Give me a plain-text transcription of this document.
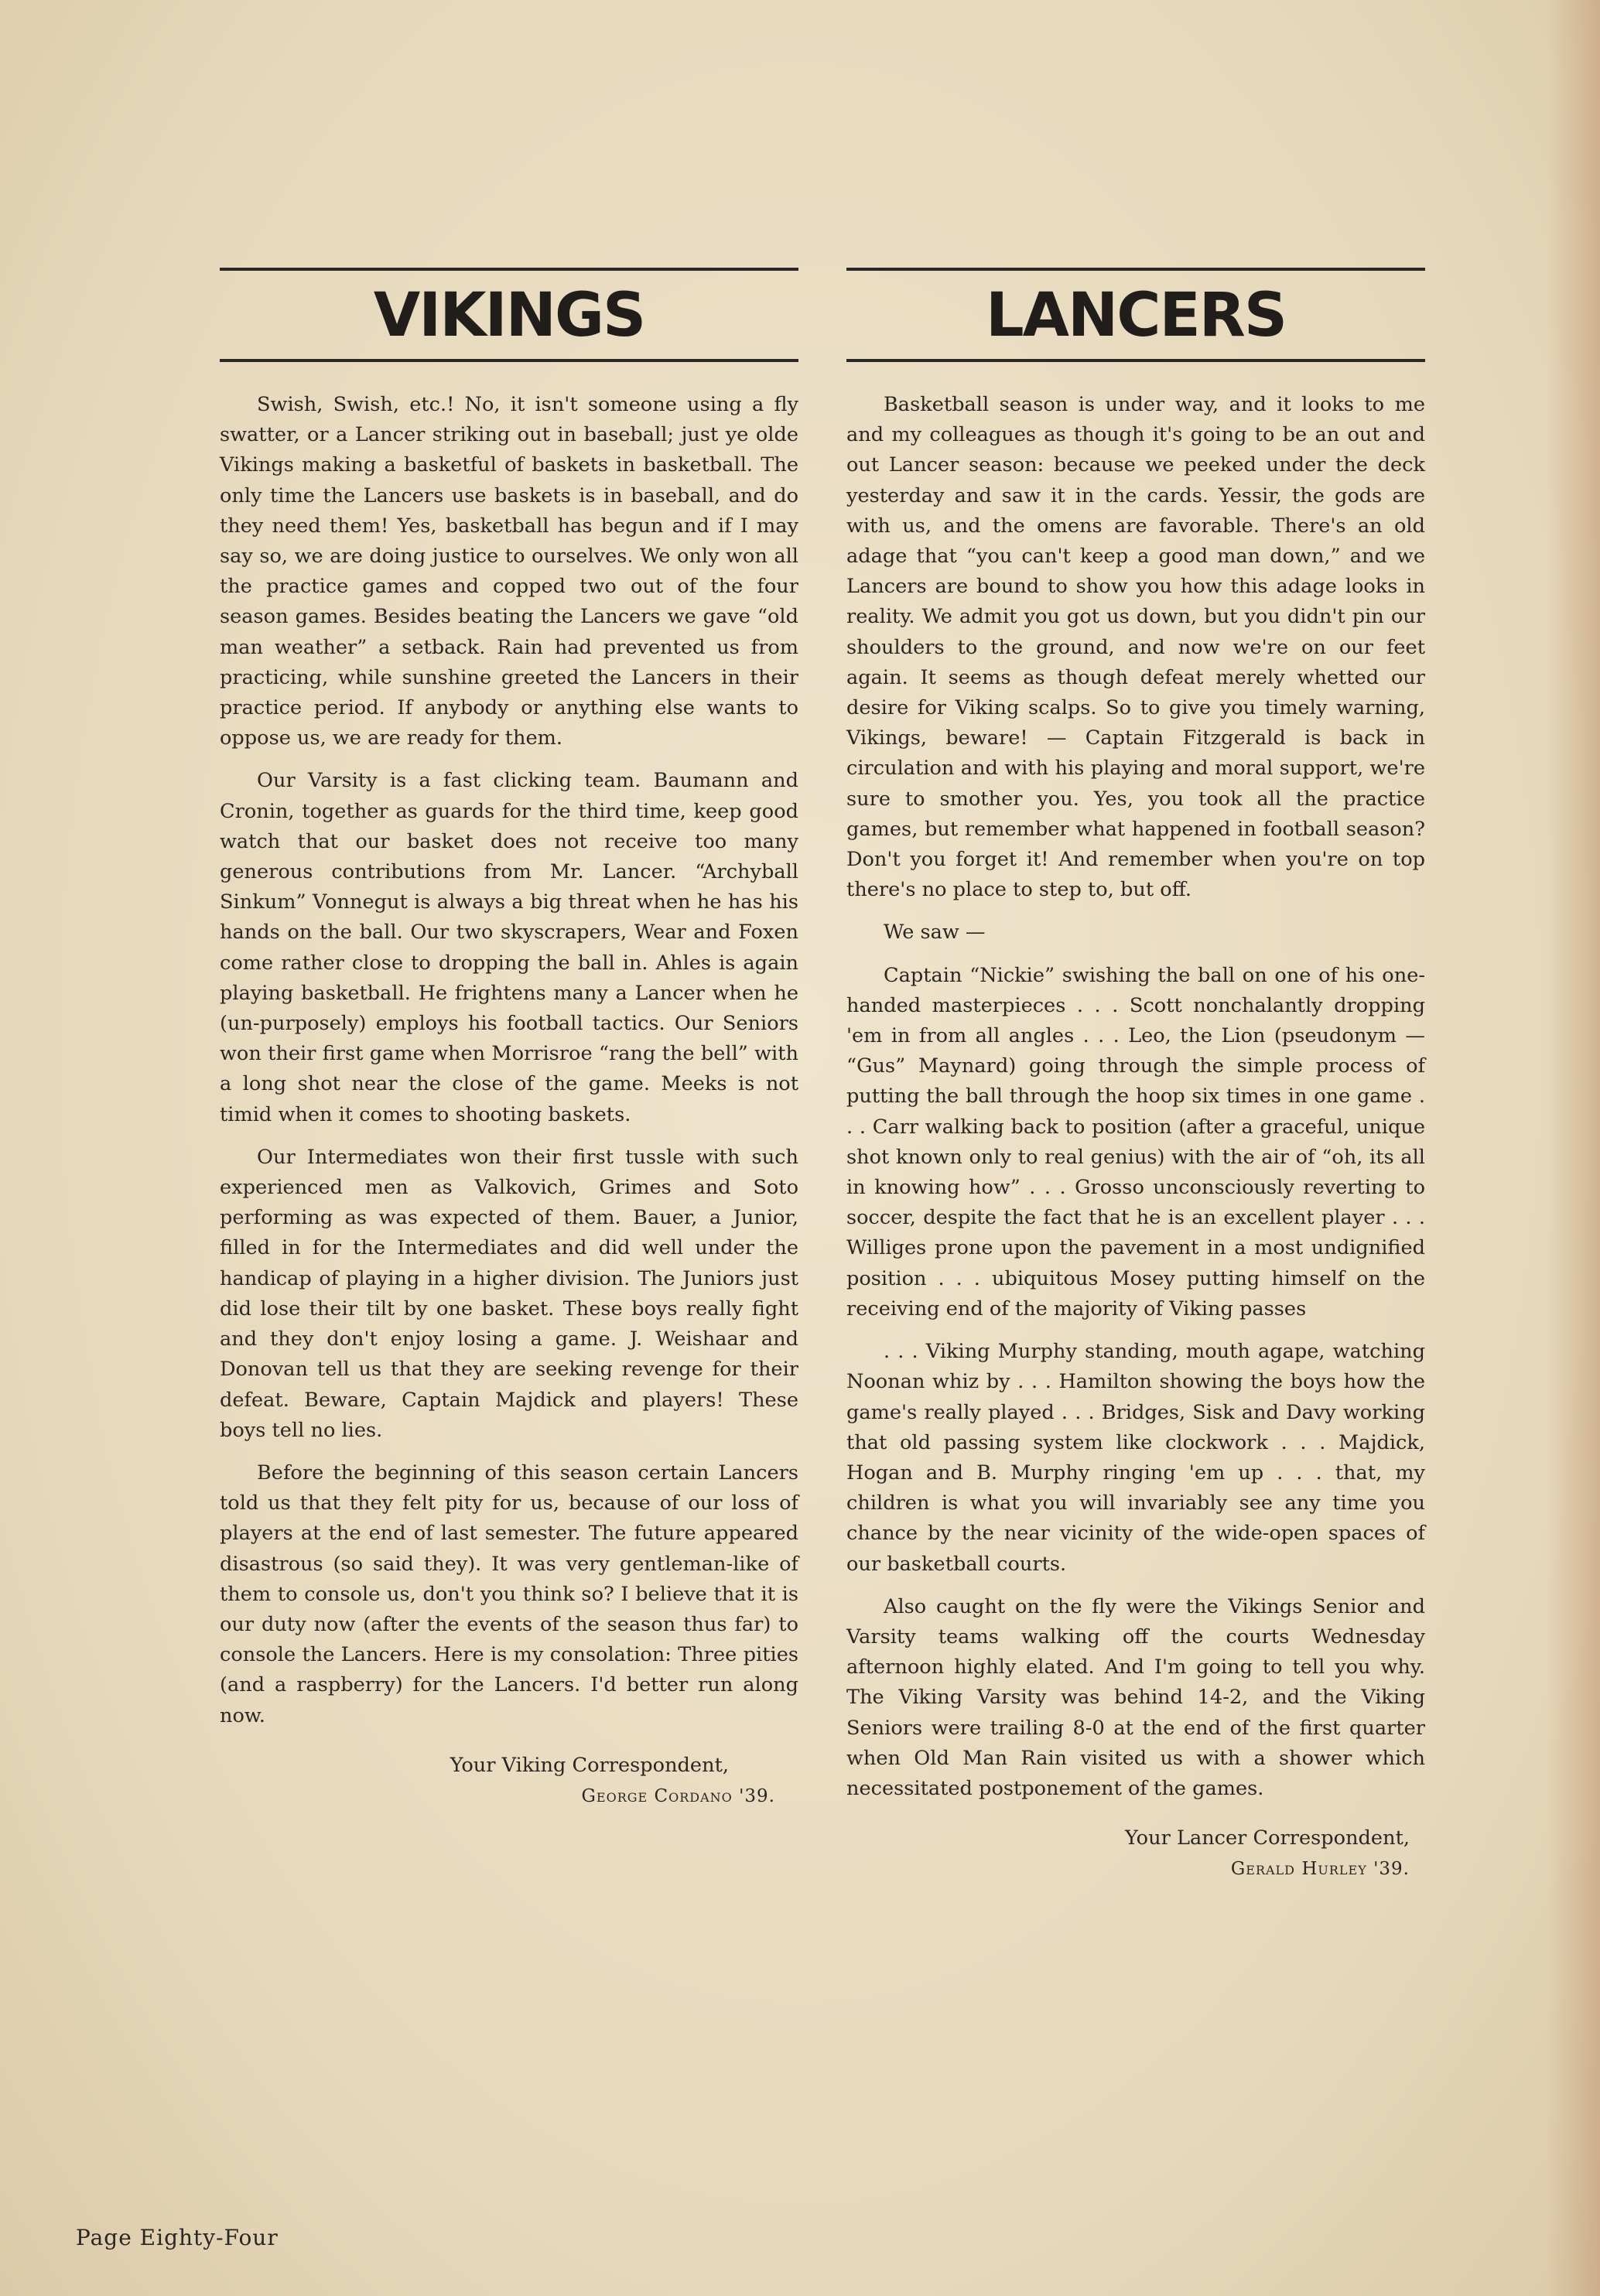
VIKINGS

Swish, Swish, etc.! No, it isn't someone using a fly swatter, or a Lancer striking out in baseball; just ye olde Vikings making a basketful of baskets in basketball. The only time the Lancers use baskets is in baseball, and do they need them! Yes, basketball has begun and if I may say so, we are doing justice to ourselves. We only won all the practice games and copped two out of the four season games. Besides beating the Lancers we gave “old man weather” a setback. Rain had prevented us from practicing, while sunshine greeted the Lancers in their practice period. If anybody or anything else wants to oppose us, we are ready for them.

Our Varsity is a fast clicking team. Baumann and Cronin, together as guards for the third time, keep good watch that our basket does not receive too many generous contributions from Mr. Lancer. “Archyball Sinkum” Vonnegut is always a big threat when he has his hands on the ball. Our two skyscrapers, Wear and Foxen come rather close to dropping the ball in. Ahles is again playing basketball. He frightens many a Lancer when he (un-purposely) employs his football tactics. Our Seniors won their first game when Morrisroe “rang the bell” with a long shot near the close of the game. Meeks is not timid when it comes to shooting baskets.

Our Intermediates won their first tussle with such experienced men as Valkovich, Grimes and Soto performing as was expected of them. Bauer, a Junior, filled in for the Intermediates and did well under the handicap of playing in a higher division. The Juniors just did lose their tilt by one basket. These boys really fight and they don't enjoy losing a game. J. Weishaar and Donovan tell us that they are seeking revenge for their defeat. Beware, Captain Majdick and players! These boys tell no lies.

Before the beginning of this season certain Lancers told us that they felt pity for us, because of our loss of players at the end of last semester. The future appeared disastrous (so said they). It was very gentleman-like of them to console us, don't you think so? I believe that it is our duty now (after the events of the season thus far) to console the Lancers. Here is my consolation: Three pities (and a raspberry) for the Lancers. I'd better run along now.

Your Viking Correspondent,
George Cordano '39.
LANCERS

Basketball season is under way, and it looks to me and my colleagues as though it's going to be an out and out Lancer season: because we peeked under the deck yesterday and saw it in the cards. Yessir, the gods are with us, and the omens are favorable. There's an old adage that “you can't keep a good man down,” and we Lancers are bound to show you how this adage looks in reality. We admit you got us down, but you didn't pin our shoulders to the ground, and now we're on our feet again. It seems as though defeat merely whetted our desire for Viking scalps. So to give you timely warning, Vikings, beware! — Captain Fitzgerald is back in circulation and with his playing and moral support, we're sure to smother you. Yes, you took all the practice games, but remember what happened in football season? Don't you forget it! And remember when you're on top there's no place to step to, but off.

We saw —

Captain “Nickie” swishing the ball on one of his one-handed masterpieces . . . Scott nonchalantly dropping 'em in from all angles . . . Leo, the Lion (pseudonym — “Gus” Maynard) going through the simple process of putting the ball through the hoop six times in one game . . . Carr walking back to position (after a graceful, unique shot known only to real genius) with the air of “oh, its all in knowing how” . . . Grosso unconsciously reverting to soccer, despite the fact that he is an excellent player . . . Williges prone upon the pavement in a most undignified position . . . ubiquitous Mosey putting himself on the receiving end of the majority of Viking passes

. . . Viking Murphy standing, mouth agape, watching Noonan whiz by . . . Hamilton showing the boys how the game's really played . . . Bridges, Sisk and Davy working that old passing system like clockwork . . . Majdick, Hogan and B. Murphy ringing 'em up . . . that, my children is what you will invariably see any time you chance by the near vicinity of the wide-open spaces of our basketball courts.

Also caught on the fly were the Vikings Senior and Varsity teams walking off the courts Wednesday afternoon highly elated. And I'm going to tell you why. The Viking Varsity was behind 14-2, and the Viking Seniors were trailing 8-0 at the end of the first quarter when Old Man Rain visited us with a shower which necessitated postponement of the games.

Your Lancer Correspondent,
Gerald Hurley '39.
Page Eighty-Four
